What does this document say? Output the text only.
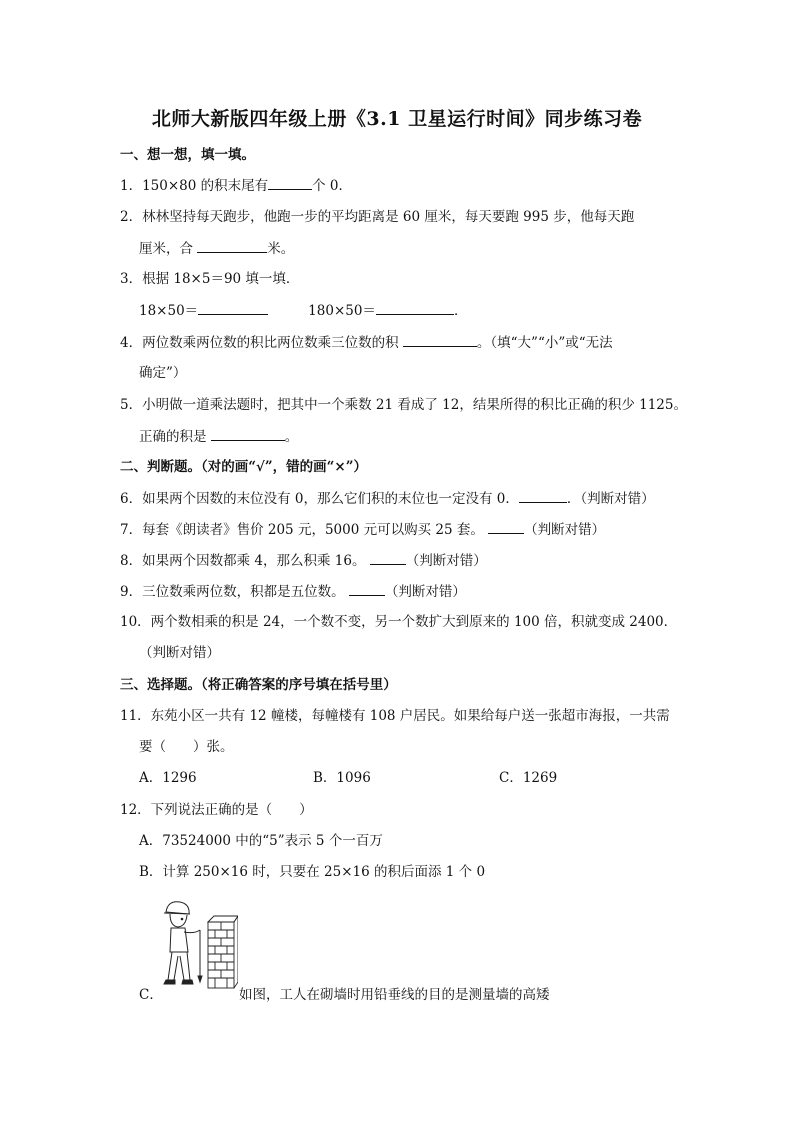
北师大新版四年级上册《3.1 卫星运行时间》同步练习卷
一、想一想，填一填。
1．150×80 的积末尾有	个 0．
2．林林坚持每天跑步，他跑一步的平均距离是 60 厘米，每天要跑 995 步，他每天跑
厘米，合	米。
3．根据 18×5＝90 填一填．
18×50＝	180×50＝	．
4．两位数乘两位数的积比两位数乘三位数的积	。（填“大”“小”或“无法
确定”）
5．小明做一道乘法题时，把其中一个乘数 21 看成了 12，结果所得的积比正确的积少 1125。
正确的积是	。
二、判断题。（对的画“√”，错的画“×”）
6．如果两个因数的末位没有 0，那么它们积的末位也一定没有 0．	．（判断对错）
7．每套《朗读者》售价 205 元，5000 元可以购买 25 套。	（判断对错）
8．如果两个因数都乘 4，那么积乘 16。	（判断对错）
9．三位数乘两位数，积都是五位数。	（判断对错）
10．两个数相乘的积是 24，一个数不变，另一个数扩大到原来的 100 倍，积就变成 2400．
（判断对错）
三、选择题。（将正确答案的序号填在括号里）
11．东苑小区一共有 12 幢楼，每幢楼有 108 户居民。如果给每户送一张超市海报，一共需
要（　　）张。
A．1296	B．1096	C．1269
12．下列说法正确的是（　　）
A．73524000 中的“5”表示 5 个一百万
B．计算 250×16 时，只要在 25×16 的积后面添 1 个 0
C．	如图，工人在砌墙时用铅垂线的目的是测量墙的高矮
